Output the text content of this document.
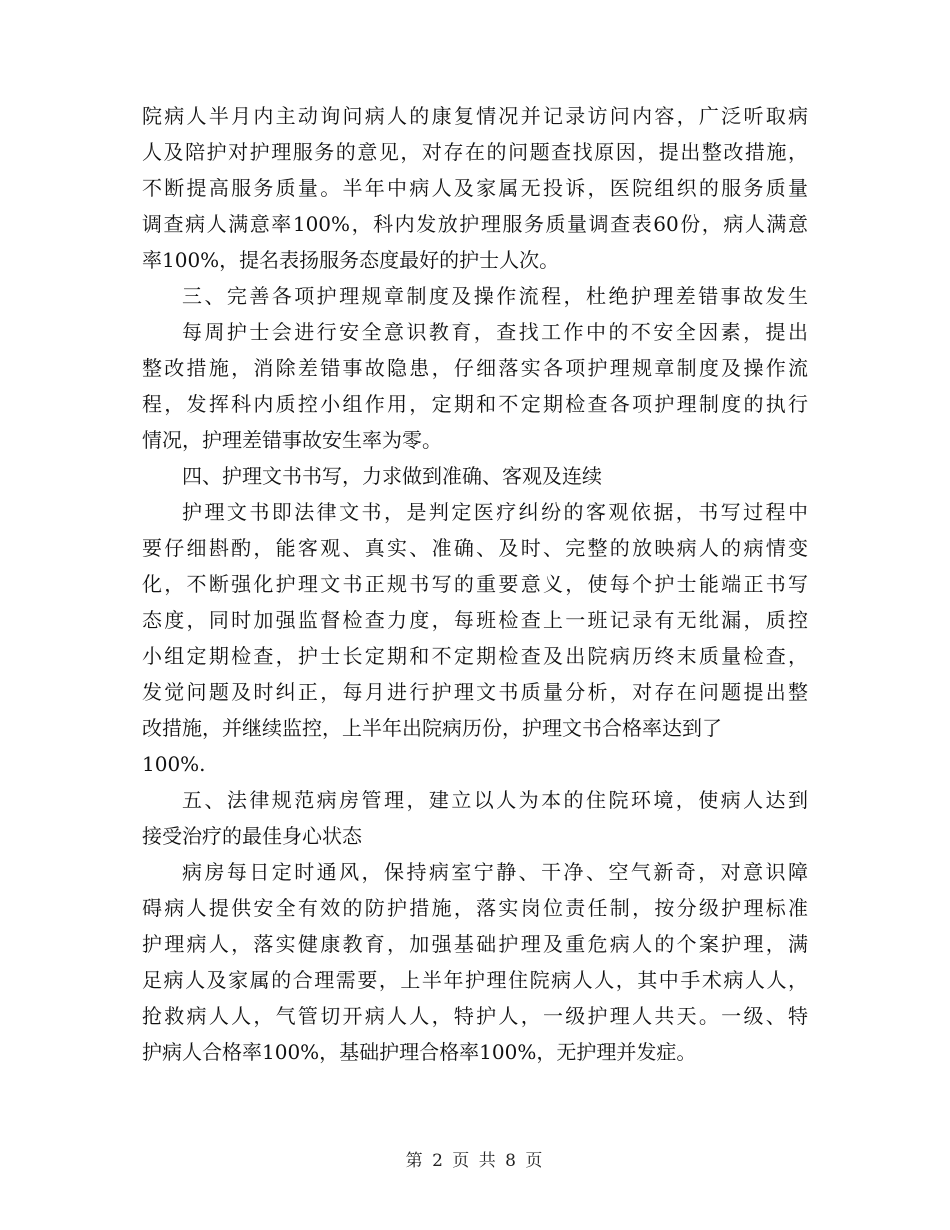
院病人半月内主动询问病人的康复情况并记录访问内容，广泛听取病
人及陪护对护理服务的意见，对存在的问题查找原因，提出整改措施，
不断提高服务质量。半年中病人及家属无投诉，医院组织的服务质量
调查病人满意率100%，科内发放护理服务质量调查表60份，病人满意
率100%，提名表扬服务态度最好的护士人次。
三、完善各项护理规章制度及操作流程，杜绝护理差错事故发生
每周护士会进行安全意识教育，查找工作中的不安全因素，提出
整改措施，消除差错事故隐患，仔细落实各项护理规章制度及操作流
程，发挥科内质控小组作用，定期和不定期检查各项护理制度的执行
情况，护理差错事故安生率为零。
四、护理文书书写，力求做到准确、客观及连续
护理文书即法律文书，是判定医疗纠纷的客观依据，书写过程中
要仔细斟酌，能客观、真实、准确、及时、完整的放映病人的病情变
化，不断强化护理文书正规书写的重要意义，使每个护士能端正书写
态度，同时加强监督检查力度，每班检查上一班记录有无纰漏，质控
小组定期检查，护士长定期和不定期检查及出院病历终末质量检查，
发觉问题及时纠正，每月进行护理文书质量分析，对存在问题提出整
改措施，并继续监控，上半年出院病历份，护理文书合格率达到了
100%.
五、法律规范病房管理，建立以人为本的住院环境，使病人达到
接受治疗的最佳身心状态
病房每日定时通风，保持病室宁静、干净、空气新奇，对意识障
碍病人提供安全有效的防护措施，落实岗位责任制，按分级护理标准
护理病人，落实健康教育，加强基础护理及重危病人的个案护理，满
足病人及家属的合理需要，上半年护理住院病人人，其中手术病人人，
抢救病人人，气管切开病人人，特护人，一级护理人共天。一级、特
护病人合格率100%，基础护理合格率100%，无护理并发症。
第 2 页 共 8 页
